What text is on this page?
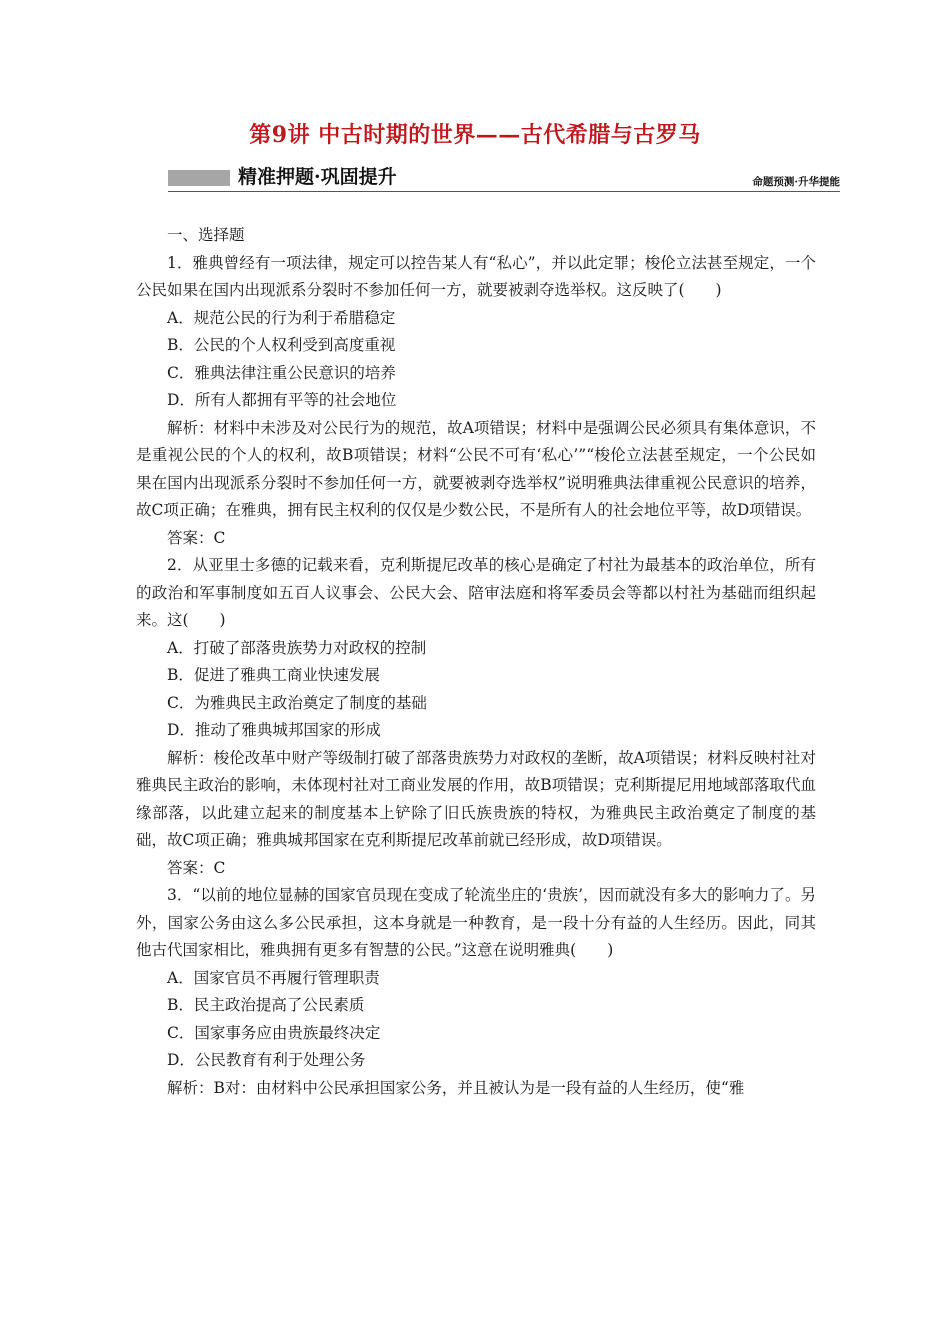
第9讲 中古时期的世界——古代希腊与古罗马
精准押题·巩固提升	命题预测·升华提能

一、选择题

1．雅典曾经有一项法律，规定可以控告某人有“私心”，并以此定罪；梭伦立法甚至规定，一个公民如果在国内出现派系分裂时不参加任何一方，就要被剥夺选举权。这反映了(　　)

A．规范公民的行为利于希腊稳定

B．公民的个人权利受到高度重视

C．雅典法律注重公民意识的培养

D．所有人都拥有平等的社会地位

解析：材料中未涉及对公民行为的规范，故A项错误；材料中是强调公民必须具有集体意识，不是重视公民的个人的权利，故B项错误；材料“公民不可有‘私心’”“梭伦立法甚至规定，一个公民如果在国内出现派系分裂时不参加任何一方，就要被剥夺选举权”说明雅典法律重视公民意识的培养，故C项正确；在雅典，拥有民主权利的仅仅是少数公民，不是所有人的社会地位平等，故D项错误。

答案：C

2．从亚里士多德的记载来看，克利斯提尼改革的核心是确定了村社为最基本的政治单位，所有的政治和军事制度如五百人议事会、公民大会、陪审法庭和将军委员会等都以村社为基础而组织起来。这(　　)

A．打破了部落贵族势力对政权的控制

B．促进了雅典工商业快速发展

C．为雅典民主政治奠定了制度的基础

D．推动了雅典城邦国家的形成

解析：梭伦改革中财产等级制打破了部落贵族势力对政权的垄断，故A项错误；材料反映村社对雅典民主政治的影响，未体现村社对工商业发展的作用，故B项错误；克利斯提尼用地域部落取代血缘部落，以此建立起来的制度基本上铲除了旧氏族贵族的特权，为雅典民主政治奠定了制度的基础，故C项正确；雅典城邦国家在克利斯提尼改革前就已经形成，故D项错误。

答案：C

3．“以前的地位显赫的国家官员现在变成了轮流坐庄的‘贵族’，因而就没有多大的影响力了。另外，国家公务由这么多公民承担，这本身就是一种教育，是一段十分有益的人生经历。因此，同其他古代国家相比，雅典拥有更多有智慧的公民。”这意在说明雅典(　　)

A．国家官员不再履行管理职责

B．民主政治提高了公民素质

C．国家事务应由贵族最终决定

D．公民教育有利于处理公务

解析：B对：由材料中公民承担国家公务，并且被认为是一段有益的人生经历，使“雅
